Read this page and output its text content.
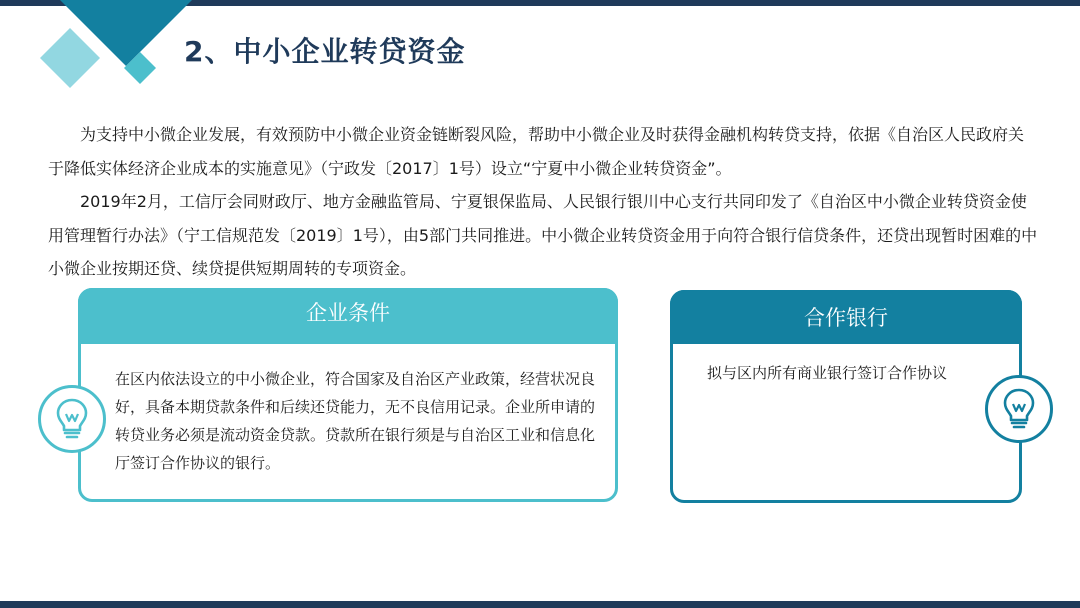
2、中小企业转贷资金

为支持中小微企业发展，有效预防中小微企业资金链断裂风险，帮助中小微企业及时获得金融机构转贷支持，依据《自治区人民政府关于降低实体经济企业成本的实施意见》（宁政发〔2017〕1号）设立“宁夏中小微企业转贷资金”。

2019年2月，工信厅会同财政厅、地方金融监管局、宁夏银保监局、人民银行银川中心支行共同印发了《自治区中小微企业转贷资金使用管理暂行办法》（宁工信规范发〔2019〕1号），由5部门共同推进。中小微企业转贷资金用于向符合银行信贷条件，还贷出现暂时困难的中小微企业按期还贷、续贷提供短期周转的专项资金。

企业条件
在区内依法设立的中小微企业，符合国家及自治区产业政策，经营状况良好，具备本期贷款条件和后续还贷能力，无不良信用记录。企业所申请的转贷业务必须是流动资金贷款。贷款所在银行须是与自治区工业和信息化厅签订合作协议的银行。
合作银行
拟与区内所有商业银行签订合作协议
